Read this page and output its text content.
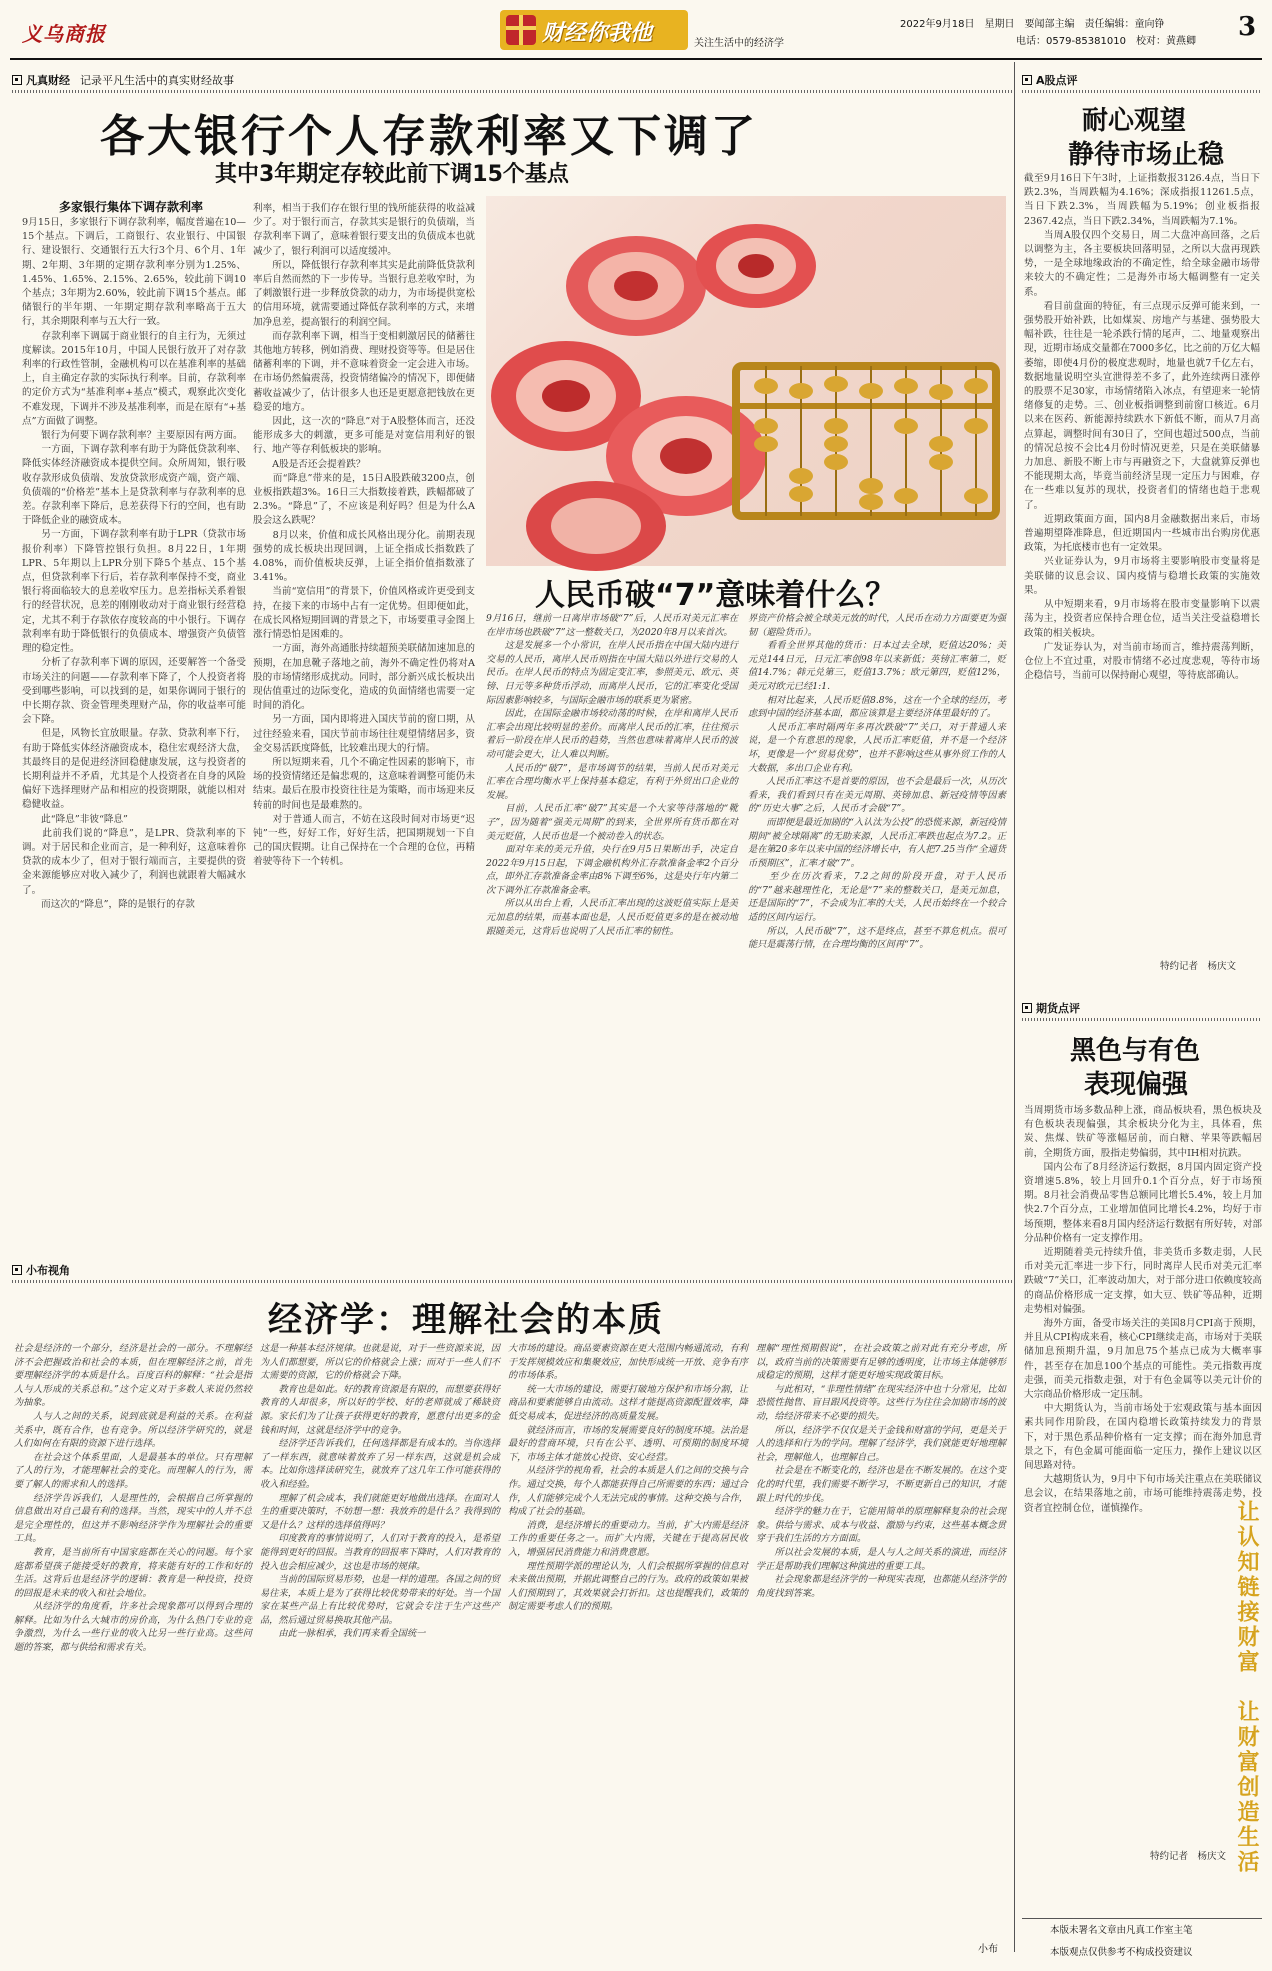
义乌商报	财经你我他	关注生活中的经济学
2022年9月18日　星期日　要闻部主编　责任编辑：童向铮
电话：0579-85381010　校对：黄燕卿 3
凡真财经 记录平凡生活中的真实财经故事
各大银行个人存款利率又下调了
其中3年期定存较此前下调15个基点
多家银行集体下调存款利率
9月15日，多家银行下调存款利率，幅度普遍在10—15个基点。下调后，工商银行、农业银行、中国银行、建设银行、交通银行五大行3个月、6个月、1年期、2年期、3年期的定期存款利率分别为1.25%、1.45%、1.65%、2.15%、2.65%，较此前下调10个基点；3年期为2.60%，较此前下调15个基点。邮储银行的半年期、一年期定期存款利率略高于五大行，其余期限利率与五大行一致。
　　存款利率下调属于商业银行的自主行为，无须过度解读。2015年10月，中国人民银行放开了对存款利率的行政性管制，金融机构可以在基准利率的基础上，自主确定存款的实际执行利率。目前，存款利率的定价方式为“基准利率+基点”模式，观察此次变化不难发现，下调并不涉及基准利率，而是在原有“+基点”方面做了调整。
　　银行为何要下调存款利率？主要原因有两方面。
　　一方面，下调存款利率有助于为降低贷款利率、降低实体经济融资成本提供空间。众所周知，银行吸收存款形成负债端、发放贷款形成资产端，资产端、负债端的“价格差”基本上是贷款利率与存款利率的息差。存款利率下降后，息差获得下行的空间，也有助于降低企业的融资成本。
　　另一方面，下调存款利率有助于LPR（贷款市场报价利率）下降管控银行负担。8月22日，1年期LPR、5年期以上LPR分别下降5个基点、15个基点，但贷款利率下行后，若存款利率保持不变，商业银行将面临较大的息差收窄压力。息差指标关系着银行的经营状况，息差的刚刚收动对于商业银行经营稳定，尤其不利于存款依存度较高的中小银行。下调存款利率有助于降低银行的负债成本、增强资产负债管理的稳定性。
　　分析了存款利率下调的原因，还要解答一个备受市场关注的问题——存款利率下降了，个人投资者将受到哪些影响，可以找到的是，如果你调同于银行的中长期存款、资金管理类理财产品，你的收益率可能会下降。
　　但是，风物长宜放眼量。存款、贷款利率下行，有助于降低实体经济融资成本，稳住宏观经济大盘，其最终目的是促进经济回稳健康发展，这与投资者的长期利益并不矛盾，尤其是个人投资者在自身的风险偏好下选择理财产品和相应的投资期限，就能以相对稳健收益。
　　此“降息”非彼“降息”
　　此前我们说的“降息”，是LPR、贷款利率的下调。对于居民和企业而言，是一种利好，这意味着你贷款的成本少了，但对于银行端而言，主要提供的资金来源能够应对收入减少了，利润也就跟着大幅减水了。
　　而这次的“降息”，降的是银行的存款
利率，相当于我们存在银行里的钱所能获得的收益减少了。对于银行而言，存款其实是银行的负债端，当存款利率下调了，意味着银行要支出的负债成本也就减少了，银行利润可以适度缓冲。
　　所以，降低银行存款利率其实是此前降低贷款利率后自然而然的下一步传导。当银行息差收窄时，为了刺激银行进一步释放贷款的动力，为市场提供宽松的信用环境，就需要通过降低存款利率的方式，来增加净息差，提高银行的利润空间。
　　而存款利率下调，相当于变相刺激居民的储蓄往其他地方转移，例如消费、理财投资等等。但是居住储蓄利率的下调，并不意味着资金一定会进入市场。在市场仍然偏震荡，投资情绪偏冷的情况下，即便储蓄收益减少了，估计很多人也还是更愿意把钱放在更稳妥的地方。
　　因此，这一次的“降息”对于A股整体而言，还没能形成多大的刺激，更多可能是对宽信用利好的银行、地产等存利低板块的影响。
　　A股是否还会提着跌？
　　而“降息”带来的是，15日A股跌破3200点，创业板指跌超3%。16日三大指数接着跌，跌幅都破了2.3%。“降息”了，不应该是利好吗？但是为什么A股会这么跌呢？
　　8月以来，价值和成长风格出现分化。前期表现强势的成长板块出现回调，上证全指成长指数跌了4.08%，而价值板块反弹，上证全指价值指数涨了3.41%。
　　当前“宽信用”的背景下，价值风格或许更受到支持，在接下来的市场中占有一定优势。但即便如此，在成长风格短期回调的背景之下，市场要重寻金图上涨行情恐怕是困难的。
　　一方面，海外高通胀持续超预美联储加速加息的预期，在加息靴子落地之前，海外不确定性仍将对A股的市场情绪形成扰动。同时，部分新兴成长板块出现估值重过的边际变化，造成的负面情绪也需要一定时间的消化。
　　另一方面，国内即将进入国庆节前的窗口期，从过往经验来看，国庆节前市场往往观望情绪居多，资金交易活跃度降低，比较难出现大的行情。
　　所以短期来看，几个不确定性因素的影响下，市场的投资情绪还是偏悲观的，这意味着调整可能仍未结束。最后在股市投资往往是为策略，而市场迎来反转前的时间也是最难熬的。
　　对于普通人而言，不妨在这段时间对市场更“迟钝”一些，好好工作，好好生活，把国期规划一下自己的国庆假期。让自己保持在一个合理的仓位，再精着驶等待下一个转机。
人民币破“7”意味着什么？
9月16日，继前一日离岸市场破“7”后，人民币对美元汇率在在岸市场也跌破“7”这一整数关口，为2020年8月以来首次。
　　这是发展多一个小常识，在岸人民币指在中国大陆内进行交易的人民币，离岸人民币则指在中国大陆以外进行交易的人民币。在岸人民币的特点为固定变汇率，参照美元、欧元、英镑、日元等多种货币浮动，而离岸人民币，它的汇率变化受国际因素影响较多，与国际金融市场的联系更为紧密。
　　因此，在国际金融市场较动荡的时候，在岸和离岸人民币汇率会出现比较明显的差价。而离岸人民币的汇率，往往预示着后一阶段在岸人民币的趋势，当然也意味着离岸人民币的波动可能会更大，让人难以判断。
　　人民币的“破7”，是市场调节的结果，当前人民币对美元汇率在合理均衡水平上保持基本稳定，有利于外贸出口企业的发展。
　　目前，人民币汇率“破7”其实是一个大家等待落地的“靴子”，因为随着“强美元周期”的到来，全世界所有货币都在对美元贬值，人民币也是一个被动卷入的状态。
　　面对年来的美元升值，央行在9月5日果断出手，决定自2022年9月15日起，下调金融机构外汇存款准备金率2个百分点，即外汇存款准备金率由8%下调至6%，这是央行年内第二次下调外汇存款准备金率。
　　所以从出台上看，人民币汇率出现的这波贬值实际上是美元加息的结果，而基本面也是，人民币贬值更多的是在被动地跟随美元，这背后也说明了人民币汇率的韧性。
界资产价格会被全球美元放的时代，人民币在动力方面要更为强韧（避险货币）。
　　看看全世界其他的货币：日本过去全球，贬值达20%；美元兑144日元，日元汇率创98年以来新低；英镑汇率第二，贬值14.7%；韩元兑第三，贬值13.7%；欧元第四，贬值12%，美元对欧元已经1:1.
　　相对比起来，人民币贬值8.8%，这在一个全球的经历，考虑到中国的经济基本面，都应该算是主要经济体里最好的了。
　　人民币汇率时隔两年多再次跌破“7”关口，对于普通人来说，是一个有意思的现象，人民币汇率贬值，并不是一个经济坏，更像是一个“贸易优势”，也并不影响这些从事外贸工作的人大数据，多出口企业有利。
　　人民币汇率这不是首要的原因，也不会是最后一次，从历次看来，我们看到只有在美元周期、英镑加息、新冠疫情等因素的“历史大事”之后，人民币才会破“7”。
　　而即便是最近加剧的“入认汰为公投”的恐慌来源，新冠疫情期间“被全球隔离”的无助来源，人民币汇率跌也起点为7.2。正是在第20多年以来中国的经济增长中，有人把7.25当作“全通货币预期区”，汇率才破“7”。
　　至少在历次看来，7.2之间的阶段开盘，对于人民币的“7”越来越理性化，无论是“7”来的整数关口，是美元加息，还是国际的“7”，不会成为汇率的大关，人民币始终在一个较合适的区间内运行。
　　所以，人民币破“7”，这不是终点，甚至不算危机点。很可能只是震荡行情，在合理均衡的区间再“7”。
A股点评
耐心观望
静待市场止稳
截至9月16日下午3时，上证指数报3126.4点，当日下跌2.3%，当周跌幅为4.16%；深成指报11261.5点，当日下跌2.3%，当周跌幅为5.19%；创业板指报2367.42点，当日下跌2.34%，当周跌幅为7.1%。
　　当周A股仅四个交易日，周二大盘冲高回落，之后以调整为主，各主要板块回落明显，之所以大盘再现跌势，一是全球地缘政治的不确定性，给全球金融市场带来较大的不确定性；二是海外市场大幅调整有一定关系。
　　看目前盘面的特征，有三点现示反弹可能来到，一强势股开始补跌，比如煤炭、房地产与基建、强势股大幅补跌，往往是一轮杀跌行情的尾声，二、地量观察出现，近期市场成交量都在7000多亿，比之前的万亿大幅萎缩，即使4月份的极度悲观时，地量也就7千亿左右，数据地量说明空头宣泄得差不多了，此外连续两日涨停的股票不足30家，市场情绪陷入冰点，有望迎来一轮情绪修复的走势。三、创业板指调整到前窗口核近。6月以来在医药、新能源持续跌水下新低不断，而从7月高点算起，调整时间有30日了，空间也超过500点，当前的情况总按不会比4月份时情况更差，只是在美联储暴力加息、新股不断上市与再融资之下，大盘就算反弹也不能现期太高，毕竟当前经济呈现一定压力与困难，存在一些难以复苏的现状，投资者们的情绪也趋于悲观了。
　　近期政策面方面，国内8月金融数据出来后，市场普遍期望降准降息，但近期国内一些城市出台购房优惠政策，为托底楼市也有一定效果。
　　兴业证券认为，9月市场将主要影响股市变量将是美联储的议息会议、国内疫情与稳增长政策的实施效果。
　　从中短期来看，9月市场将在股市变量影响下以震荡为主，投资者应保持合理仓位，适当关注受益稳增长政策的相关板块。
　　广发证券认为，对当前市场而言，维持震荡判断，仓位上不宜过重，对股市情绪不必过度悲观，等待市场企稳信号，当前可以保持耐心观望，等待底部确认。
特约记者　杨庆文
期货点评
黑色与有色
表现偏强
当周期货市场多数品种上涨，商品板块看，黑色板块及有色板块表现偏强，其余板块分化为主，具体看，焦炭、焦煤、铁矿等涨幅居前，而白糖、苹果等跌幅居前，全期货方面，股指走势偏弱，其中IH相对抗跌。
　　国内公布了8月经济运行数据，8月国内固定资产投资增速5.8%，较上月回升0.1个百分点，好于市场预期。8月社会消费品零售总额同比增长5.4%，较上月加快2.7个百分点，工业增加值同比增长4.2%，均好于市场预期，整体来看8月国内经济运行数据有所好转，对部分品种价格有一定支撑作用。
　　近期随着美元持续升值，非美货币多数走弱，人民币对美元汇率进一步下行，同时离岸人民币对美元汇率跌破“7”关口，汇率波动加大，对于部分进口依赖度较高的商品价格形成一定支撑，如大豆、铁矿等品种，近期走势相对偏强。
　　海外方面，备受市场关注的美国8月CPI高于预期，并且从CPI构成来看，核心CPI继续走高，市场对于美联储加息预期升温，9月加息75个基点已成为大概率事件，甚至存在加息100个基点的可能性。美元指数再度走强，而美元指数走强，对于有色金属等以美元计价的大宗商品价格形成一定压制。
　　中大期货认为，当前市场处于宏观政策与基本面因素共同作用阶段，在国内稳增长政策持续发力的背景下，对于黑色系品种价格有一定支撑；而在海外加息背景之下，有色金属可能面临一定压力，操作上建议以区间思路对待。
　　大越期货认为，9月中下旬市场关注重点在美联储议息会议，在结果落地之前，市场可能维持震荡走势，投资者宜控制仓位，谨慎操作。
特约记者　杨庆文 让认知链接财富　让财富创造生活
本版未署名文章由凡真工作室主笔
本版观点仅供参考不构成投资建议
小布视角
经济学：理解社会的本质
社会是经济的一个部分，经济是社会的一部分。不理解经济不会把握政治和社会的本质，但在理解经济之前，首先要理解经济学的本质是什么。百度百科的解释：“社会是指人与人形成的关系总和。”这个定义对于多数人来说仍然较为抽象。
　　人与人之间的关系，说到底就是利益的关系。在利益关系中，既有合作，也有竞争。所以经济学研究的，就是人们如何在有限的资源下进行选择。
　　在社会这个体系里面，人是最基本的单位。只有理解了人的行为，才能理解社会的变化。而理解人的行为，需要了解人的需求和人的选择。
　　经济学告诉我们，人是理性的，会根据自己所掌握的信息做出对自己最有利的选择。当然，现实中的人并不总是完全理性的，但这并不影响经济学作为理解社会的重要工具。
　　教育，是当前所有中国家庭都在关心的问题。每个家庭都希望孩子能接受好的教育，将来能有好的工作和好的生活。这背后也是经济学的逻辑：教育是一种投资，投资的回报是未来的收入和社会地位。
　　从经济学的角度看，许多社会现象都可以得到合理的解释。比如为什么大城市的房价高，为什么热门专业的竞争激烈，为什么一些行业的收入比另一些行业高。这些问题的答案，都与供给和需求有关。
这是一种基本经济规律。也就是说，对于一些资源来说，因为人们都想要，所以它的价格就会上涨；而对于一些人们不太需要的资源，它的价格就会下降。
　　教育也是如此。好的教育资源是有限的，而想要获得好教育的人却很多，所以好的学校、好的老师就成了稀缺资源。家长们为了让孩子获得更好的教育，愿意付出更多的金钱和时间，这就是经济学中的竞争。
　　经济学还告诉我们，任何选择都是有成本的。当你选择了一样东西，就意味着放弃了另一样东西，这就是机会成本。比如你选择读研究生，就放弃了这几年工作可能获得的收入和经验。
　　理解了机会成本，我们就能更好地做出选择。在面对人生的重要决策时，不妨想一想：我放弃的是什么？我得到的又是什么？这样的选择值得吗？
　　印度教育的事情说明了，人们对于教育的投入，是希望能得到更好的回报。当教育的回报率下降时，人们对教育的投入也会相应减少，这也是市场的规律。
　　当前的国际贸易形势，也是一样的道理。各国之间的贸易往来，本质上是为了获得比较优势带来的好处。当一个国家在某些产品上有比较优势时，它就会专注于生产这些产品，然后通过贸易换取其他产品。
　　由此一脉相承，我们再来看全国统一
大市场的建设。商品要素资源在更大范围内畅通流动，有利于发挥规模效应和集聚效应，加快形成统一开放、竞争有序的市场体系。
　　统一大市场的建设，需要打破地方保护和市场分割，让商品和要素能够自由流动。这样才能提高资源配置效率，降低交易成本，促进经济的高质量发展。
　　就经济而言，市场的发展需要良好的制度环境。法治是最好的营商环境，只有在公平、透明、可预期的制度环境下，市场主体才能放心投资、安心经营。
　　从经济学的视角看，社会的本质是人们之间的交换与合作。通过交换，每个人都能获得自己所需要的东西；通过合作，人们能够完成个人无法完成的事情。这种交换与合作，构成了社会的基础。
　　消费，是经济增长的重要动力。当前，扩大内需是经济工作的重要任务之一。而扩大内需，关键在于提高居民收入，增强居民消费能力和消费意愿。
　　理性预期学派的理论认为，人们会根据所掌握的信息对未来做出预期，并据此调整自己的行为。政府的政策如果被人们预期到了，其效果就会打折扣。这也提醒我们，政策的制定需要考虑人们的预期。
理解“理性预期假说”，在社会政策之前对此有充分考虑，所以，政府当前的决策需要有足够的透明度，让市场主体能够形成稳定的预期，这样才能更好地实现政策目标。
　　与此相对，“非理性情绪”在现实经济中也十分常见，比如恐慌性抛售、盲目跟风投资等。这些行为往往会加剧市场的波动，给经济带来不必要的损失。
　　所以，经济学不仅仅是关于金钱和财富的学问，更是关于人的选择和行为的学问。理解了经济学，我们就能更好地理解社会，理解他人，也理解自己。
　　社会是在不断变化的，经济也是在不断发展的。在这个变化的时代里，我们需要不断学习，不断更新自己的知识，才能跟上时代的步伐。
　　经济学的魅力在于，它能用简单的原理解释复杂的社会现象。供给与需求、成本与收益、激励与约束，这些基本概念贯穿于我们生活的方方面面。
　　所以社会发展的本质，是人与人之间关系的演进，而经济学正是帮助我们理解这种演进的重要工具。
　　社会现象都是经济学的一种现实表现，也都能从经济学的角度找到答案。
小布
